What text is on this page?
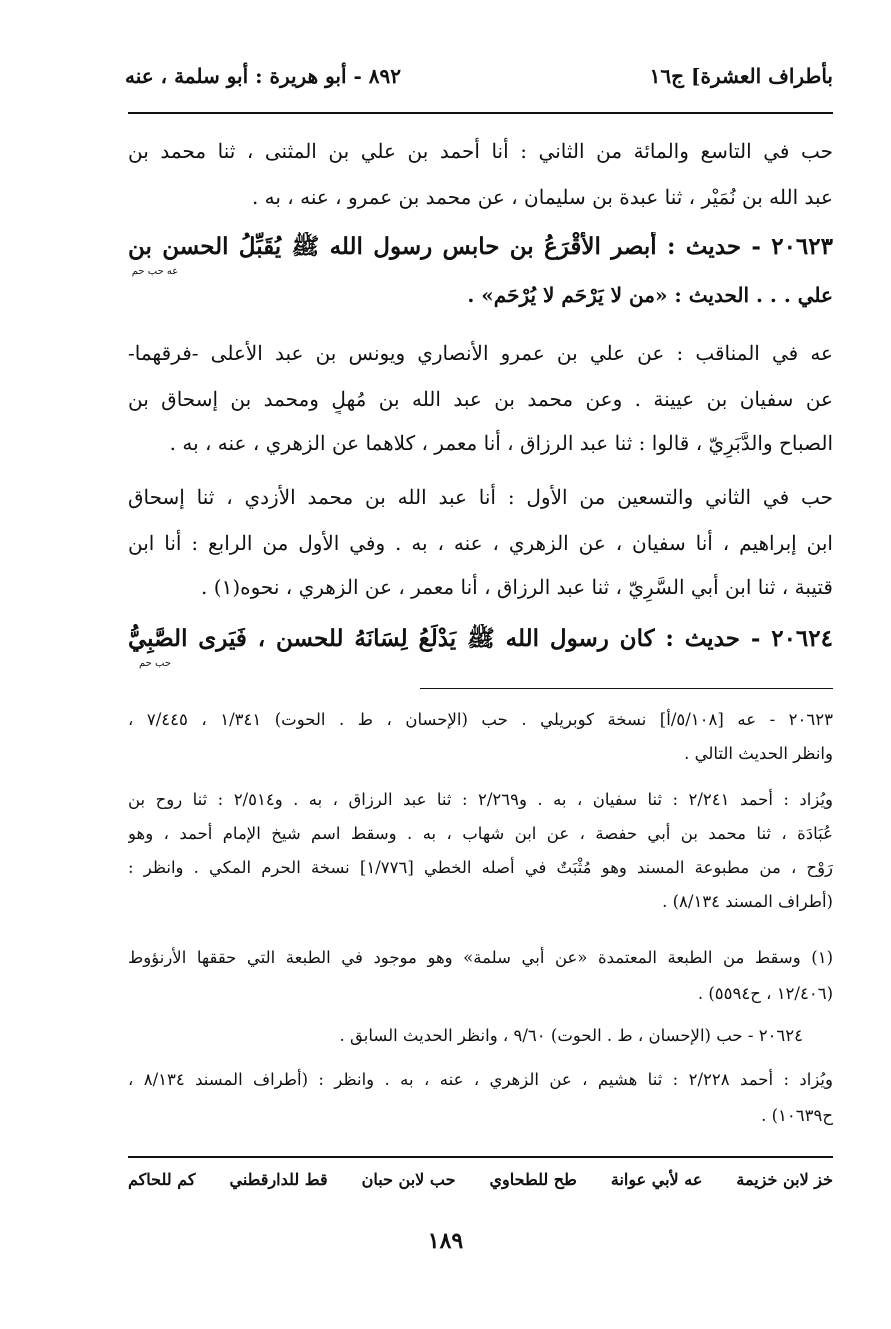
بأطراف العشرة] ج١٦
٨٩٢ - أبو هريرة : أبو سلمة ، عنه
حب في التاسع والمائة من الثاني : أنا أحمد بن علي بن المثنى ، ثنا محمد بن
عبد الله بن نُمَيْر ، ثنا عبدة بن سليمان ، عن محمد بن عمرو ، عنه ، به .
٢٠٦٢٣ - حديث : أبصر الأَقْرَعُ بن حابس رسول الله ﷺ يُقَبِّلُ الحسن بن
عه حب حم
علي . . . الحديث : «من لا يَرْحَم لا يُرْحَم» .
عه في المناقب : عن علي بن عمرو الأنصاري ويونس بن عبد الأعلى -فرقهما-
عن سفيان بن عيينة . وعن محمد بن عبد الله بن مُهلٍ ومحمد بن إسحاق بن
الصباح والدَّبَرِيّ ، قالوا : ثنا عبد الرزاق ، أنا معمر ، كلاهما عن الزهري ، عنه ، به .
حب في الثاني والتسعين من الأول : أنا عبد الله بن محمد الأزدي ، ثنا إسحاق
ابن إبراهيم ، أنا سفيان ، عن الزهري ، عنه ، به . وفي الأول من الرابع : أنا ابن
قتيبة ، ثنا ابن أبي السَّرِيّ ، ثنا عبد الرزاق ، أنا معمر ، عن الزهري ، نحوه(١) .
٢٠٦٢٤ - حديث : كان رسول الله ﷺ يَدْلَعُ لِسَانَهُ للحسن ، فَيَرى الصَّبِيُّ
حب حم
٢٠٦٢٣ - عه [٥/١٠٨/أ] نسخة كوبريلي . حب (الإحسان ، ط . الحوت) ١/٣٤١ ، ٧/٤٤٥ ،
وانظر الحديث التالي .
ويُزاد : أحمد ٢/٢٤١ : ثنا سفيان ، به . و٢/٢٦٩ : ثنا عبد الرزاق ، به . و٢/٥١٤ : ثنا روح بن
عُبَادَة ، ثنا محمد بن أبي حفصة ، عن ابن شهاب ، به . وسقط اسم شيخ الإمام أحمد ، وهو
رَوْح ، من مطبوعة المسند وهو مُثْبَتٌ في أصله الخطي [١/٧٧٦] نسخة الحرم المكي . وانظر :
(أطراف المسند ٨/١٣٤) .
(١) وسقط من الطبعة المعتمدة «عن أبي سلمة» وهو موجود في الطبعة التي حققها الأرنؤوط
(١٢/٤٠٦ ، ح٥٥٩٤) .
٢٠٦٢٤ - حب (الإحسان ، ط . الحوت) ٩/٦٠ ، وانظر الحديث السابق .
ويُزاد : أحمد ٢/٢٢٨ : ثنا هشيم ، عن الزهري ، عنه ، به . وانظر : (أطراف المسند ٨/١٣٤ ،
ح١٠٦٣٩) .
خز لابن خزيمة
عه لأبي عوانة
طح للطحاوي
حب لابن حبان
قط للدارقطني
كم للحاكم
١٨٩
